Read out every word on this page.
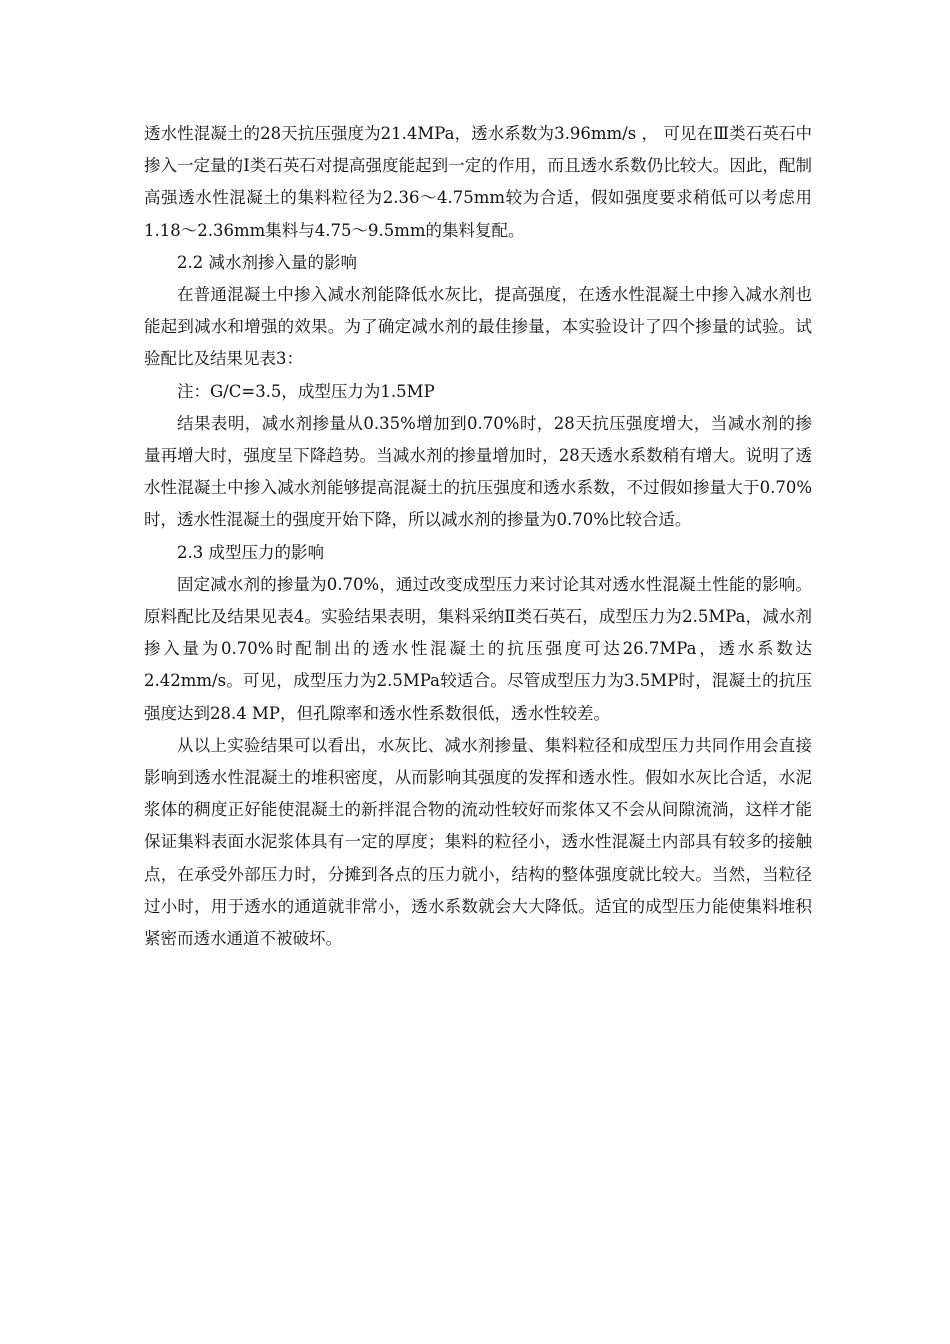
透水性混凝土的28天抗压强度为21.4MPa，透水系数为3.96mm/s ， 可见在Ⅲ类石英石中掺入一定量的Ⅰ类石英石对提高强度能起到一定的作用，而且透水系数仍比较大。因此，配制高强透水性混凝土的集料粒径为2.36～4.75mm较为合适，假如强度要求稍低可以考虑用1.18～2.36mm集料与4.75～9.5mm的集料复配。

2.2 减水剂掺入量的影响

在普通混凝土中掺入减水剂能降低水灰比，提高强度，在透水性混凝土中掺入减水剂也能起到减水和增强的效果。为了确定减水剂的最佳掺量，本实验设计了四个掺量的试验。试验配比及结果见表3：

注：G/C=3.5，成型压力为1.5MP

结果表明，减水剂掺量从0.35%增加到0.70%时，28天抗压强度增大，当减水剂的掺量再增大时，强度呈下降趋势。当减水剂的掺量增加时，28天透水系数稍有增大。说明了透水性混凝土中掺入减水剂能够提高混凝土的抗压强度和透水系数，不过假如掺量大于0.70%时，透水性混凝土的强度开始下降，所以减水剂的掺量为0.70%比较合适。

2.3 成型压力的影响

固定减水剂的掺量为0.70%，通过改变成型压力来讨论其对透水性混凝土性能的影响。原料配比及结果见表4。实验结果表明，集料采纳Ⅱ类石英石，成型压力为2.5MPa，减水剂掺入量为0.70%时配制出的透水性混凝土的抗压强度可达26.7MPa，透水系数达2.42mm/s。可见，成型压力为2.5MPa较适合。尽管成型压力为3.5MP时，混凝土的抗压强度达到28.4 MP，但孔隙率和透水性系数很低，透水性较差。

从以上实验结果可以看出，水灰比、减水剂掺量、集料粒径和成型压力共同作用会直接影响到透水性混凝土的堆积密度，从而影响其强度的发挥和透水性。假如水灰比合适，水泥浆体的稠度正好能使混凝土的新拌混合物的流动性较好而浆体又不会从间隙流淌，这样才能保证集料表面水泥浆体具有一定的厚度；集料的粒径小，透水性混凝土内部具有较多的接触点，在承受外部压力时，分摊到各点的压力就小，结构的整体强度就比较大。当然，当粒径过小时，用于透水的通道就非常小，透水系数就会大大降低。适宜的成型压力能使集料堆积紧密而透水通道不被破坏。
